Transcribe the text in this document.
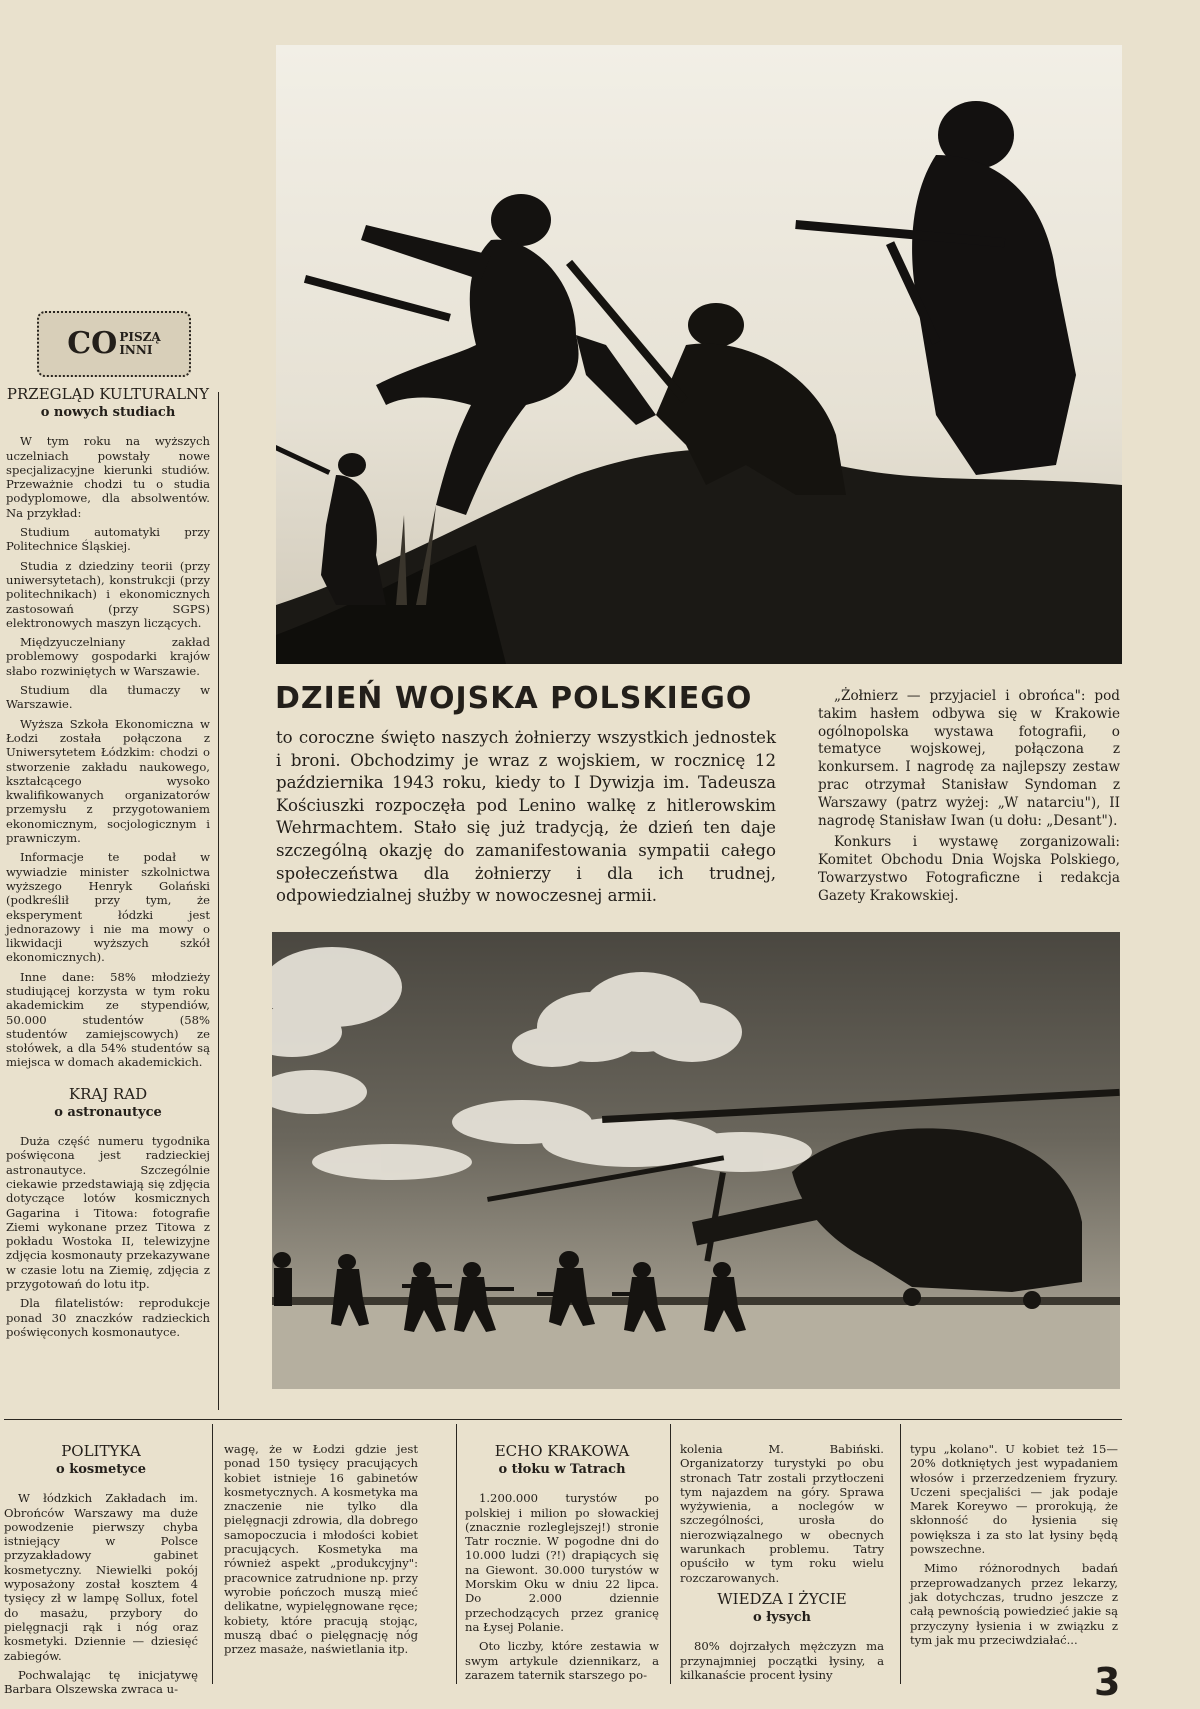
CO PISZĄ
INNI
PRZEGLĄD KULTURALNY
o nowych studiach

W tym roku na wyższych uczelniach powstały nowe specjalizacyjne kierunki studiów. Przeważnie chodzi tu o studia podyplomowe, dla absolwentów. Na przykład:

Studium automatyki przy Politechnice Śląskiej.

Studia z dziedziny teorii (przy uniwersytetach), konstrukcji (przy politechnikach) i ekonomicznych zastosowań (przy SGPS) elektronowych maszyn liczących.

Międzyuczelniany zakład problemowy gospodarki krajów słabo rozwiniętych w Warszawie.

Studium dla tłumaczy w Warszawie.

Wyższa Szkoła Ekonomiczna w Łodzi została połączona z Uniwersytetem Łódzkim: chodzi o stworzenie zakładu naukowego, kształcącego wysoko kwalifikowanych organizatorów przemysłu z przygotowaniem ekonomicznym, socjologicznym i prawniczym.

Informacje te podał w wywiadzie minister szkolnictwa wyższego Henryk Golański (podkreślił przy tym, że eksperyment łódzki jest jednorazowy i nie ma mowy o likwidacji wyższych szkół ekonomicznych).

Inne dane: 58% młodzieży studiującej korzysta w tym roku akademickim ze stypendiów, 50.000 studentów (58% studentów zamiejscowych) ze stołówek, a dla 54% studentów są miejsca w domach akademickich.

KRAJ RAD
o astronautyce

Duża część numeru tygodnika poświęcona jest radzieckiej astronautyce. Szczególnie ciekawie przedstawiają się zdjęcia dotyczące lotów kosmicznych Gagarina i Titowa: fotografie Ziemi wykonane przez Titowa z pokładu Wostoka II, telewizyjne zdjęcia kosmonauty przekazywane w czasie lotu na Ziemię, zdjęcia z przygotowań do lotu itp.

Dla filatelistów: reprodukcje ponad 30 znaczków radzieckich poświęconych kosmonautyce.

DZIEŃ WOJSKA POLSKIEGO
to coroczne święto naszych żołnierzy wszystkich jednostek i broni. Obchodzimy je wraz z wojskiem, w rocznicę 12 października 1943 roku, kiedy to I Dywizja im. Tadeusza Kościuszki rozpoczęła pod Lenino walkę z hitlerowskim Wehrmachtem. Stało się już tradycją, że dzień ten daje szczególną okazję do zamanifestowania sympatii całego społeczeństwa dla żołnierzy i dla ich trudnej, odpowiedzialnej służby w nowoczesnej armii.

„Żołnierz — przyjaciel i obrońca": pod takim hasłem odbywa się w Krakowie ogólnopolska wystawa fotografii, o tematyce wojskowej, połączona z konkursem. I nagrodę za najlepszy zestaw prac otrzymał Stanisław Syndoman z Warszawy (patrz wyżej: „W natarciu"), II nagrodę Stanisław Iwan (u dołu: „Desant").

Konkurs i wystawę zorganizowali: Komitet Obchodu Dnia Wojska Polskiego, Towarzystwo Fotograficzne i redakcja Gazety Krakowskiej.

POLITYKA
o kosmetyce

W łódzkich Zakładach im. Obrońców Warszawy ma duże powodzenie pierwszy chyba istniejący w Polsce przyzakładowy gabinet kosmetyczny. Niewielki pokój wyposażony został kosztem 4 tysięcy zł w lampę Sollux, fotel do masażu, przybory do pielęgnacji rąk i nóg oraz kosmetyki. Dziennie — dziesięć zabiegów.

Pochwalając tę inicjatywę Barbara Olszewska zwraca u-

wagę, że w Łodzi gdzie jest ponad 150 tysięcy pracujących kobiet istnieje 16 gabinetów kosmetycznych. A kosmetyka ma znaczenie nie tylko dla pielęgnacji zdrowia, dla dobrego samopoczucia i młodości kobiet pracujących. Kosmetyka ma również aspekt „produkcyjny": pracownice zatrudnione np. przy wyrobie pończoch muszą mieć delikatne, wypielęgnowane ręce; kobiety, które pracują stojąc, muszą dbać o pielęgnację nóg przez masaże, naświetlania itp.

ECHO KRAKOWA
o tłoku w Tatrach

1.200.000 turystów po polskiej i milion po słowackiej (znacznie rozleglejszej!) stronie Tatr rocznie. W pogodne dni do 10.000 ludzi (?!) drapiących się na Giewont. 30.000 turystów w Morskim Oku w dniu 22 lipca. Do 2.000 dziennie przechodzących przez granicę na Łysej Polanie.

Oto liczby, które zestawia w swym artykule dziennikarz, a zarazem taternik starszego po-

kolenia M. Babiński. Organizatorzy turystyki po obu stronach Tatr zostali przytłoczeni tym najazdem na góry. Sprawa wyżywienia, a noclegów w szczególności, urosła do nierozwiązalnego w obecnych warunkach problemu. Tatry opuściło w tym roku wielu rozczarowanych.

WIEDZA I ŻYCIE
o łysych

80% dojrzałych mężczyzn ma przynajmniej początki łysiny, a kilkanaście procent łysiny

typu „kolano". U kobiet też 15—20% dotkniętych jest wypadaniem włosów i przerzedzeniem fryzury. Uczeni specjaliści — jak podaje Marek Koreywo — prorokują, że skłonność do łysienia się powiększa i za sto lat łysiny będą powszechne.

Mimo różnorodnych badań przeprowadzanych przez lekarzy, jak dotychczas, trudno jeszcze z całą pewnością powiedzieć jakie są przyczyny łysienia i w związku z tym jak mu przeciwdziałać...

3
